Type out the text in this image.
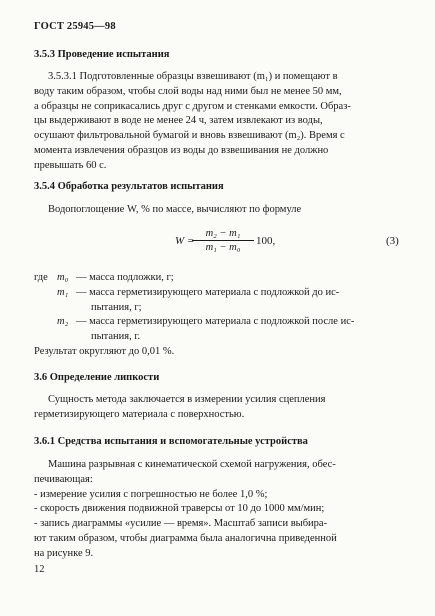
ГОСТ 25945—98
3.5.3 Проведение испытания
3.5.3.1 Подготовленные образцы взвешивают (m₁) и помещают в
воду таким образом, чтобы слой воды над ними был не менее 50 мм,
а образцы не соприкасались друг с другом и стенками емкости. Образ-
цы выдерживают в воде не менее 24 ч, затем извлекают из воды,
осушают фильтровальной бумагой и вновь взвешивают (m₂). Время с
момента извлечения образцов из воды до взвешивания не должно
превышать 60 с.
3.5.4 Обработка результатов испытания
Водопоглощение W, % по массе, вычисляют по формуле
W =
m₂ − m₁
m₁ − m₀
100,	(3)
где m₀ — масса подложки, г;
m₁ — масса герметизирующего материала с подложкой до ис-
пытания, г;
m₂ — масса герметизирующего материала с подложкой после ис-
пытания, г.
Результат округляют до 0,01 %.
3.6 Определение липкости
Сущность метода заключается в измерении усилия сцепления
герметизирующего материала с поверхностью.
3.6.1 Средства испытания и вспомогательные устройства
Машина разрывная с кинематической схемой нагружения, обес-
печивающая:
- измерение усилия с погрешностью не более 1,0 %;
- скорость движения подвижной траверсы от 10 до 1000 мм/мин;
- запись диаграммы «усилие — время». Масштаб записи выбира-
ют таким образом, чтобы диаграмма была аналогична приведенной
на рисунке 9.
12
